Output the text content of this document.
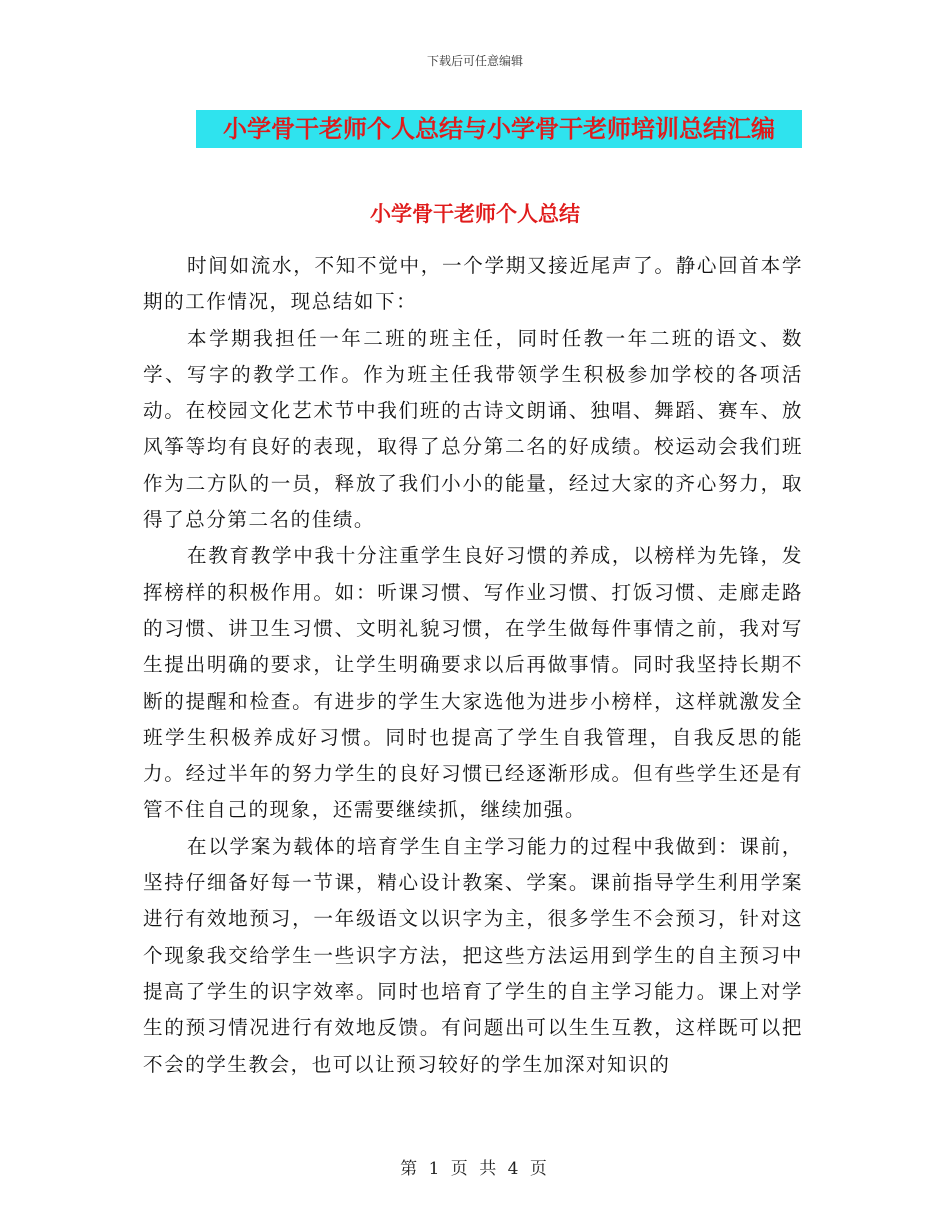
下载后可任意编辑
小学骨干老师个人总结与小学骨干老师培训总结汇编
小学骨干老师个人总结

时间如流水，不知不觉中，一个学期又接近尾声了。静心回首本学期的工作情况，现总结如下：

本学期我担任一年二班的班主任，同时任教一年二班的语文、数学、写字的教学工作。作为班主任我带领学生积极参加学校的各项活动。在校园文化艺术节中我们班的古诗文朗诵、独唱、舞蹈、赛车、放风筝等均有良好的表现，取得了总分第二名的好成绩。校运动会我们班作为二方队的一员，释放了我们小小的能量，经过大家的齐心努力，取得了总分第二名的佳绩。

在教育教学中我十分注重学生良好习惯的养成，以榜样为先锋，发挥榜样的积极作用。如：听课习惯、写作业习惯、打饭习惯、走廊走路的习惯、讲卫生习惯、文明礼貌习惯，在学生做每件事情之前，我对写生提出明确的要求，让学生明确要求以后再做事情。同时我坚持长期不断的提醒和检查。有进步的学生大家选他为进步小榜样，这样就激发全班学生积极养成好习惯。同时也提高了学生自我管理，自我反思的能力。经过半年的努力学生的良好习惯已经逐渐形成。但有些学生还是有管不住自己的现象，还需要继续抓，继续加强。

在以学案为载体的培育学生自主学习能力的过程中我做到：课前，坚持仔细备好每一节课，精心设计教案、学案。课前指导学生利用学案进行有效地预习，一年级语文以识字为主，很多学生不会预习，针对这个现象我交给学生一些识字方法，把这些方法运用到学生的自主预习中提高了学生的识字效率。同时也培育了学生的自主学习能力。课上对学生的预习情况进行有效地反馈。有问题出可以生生互教，这样既可以把不会的学生教会，也可以让预习较好的学生加深对知识的

第 1 页 共 4 页
